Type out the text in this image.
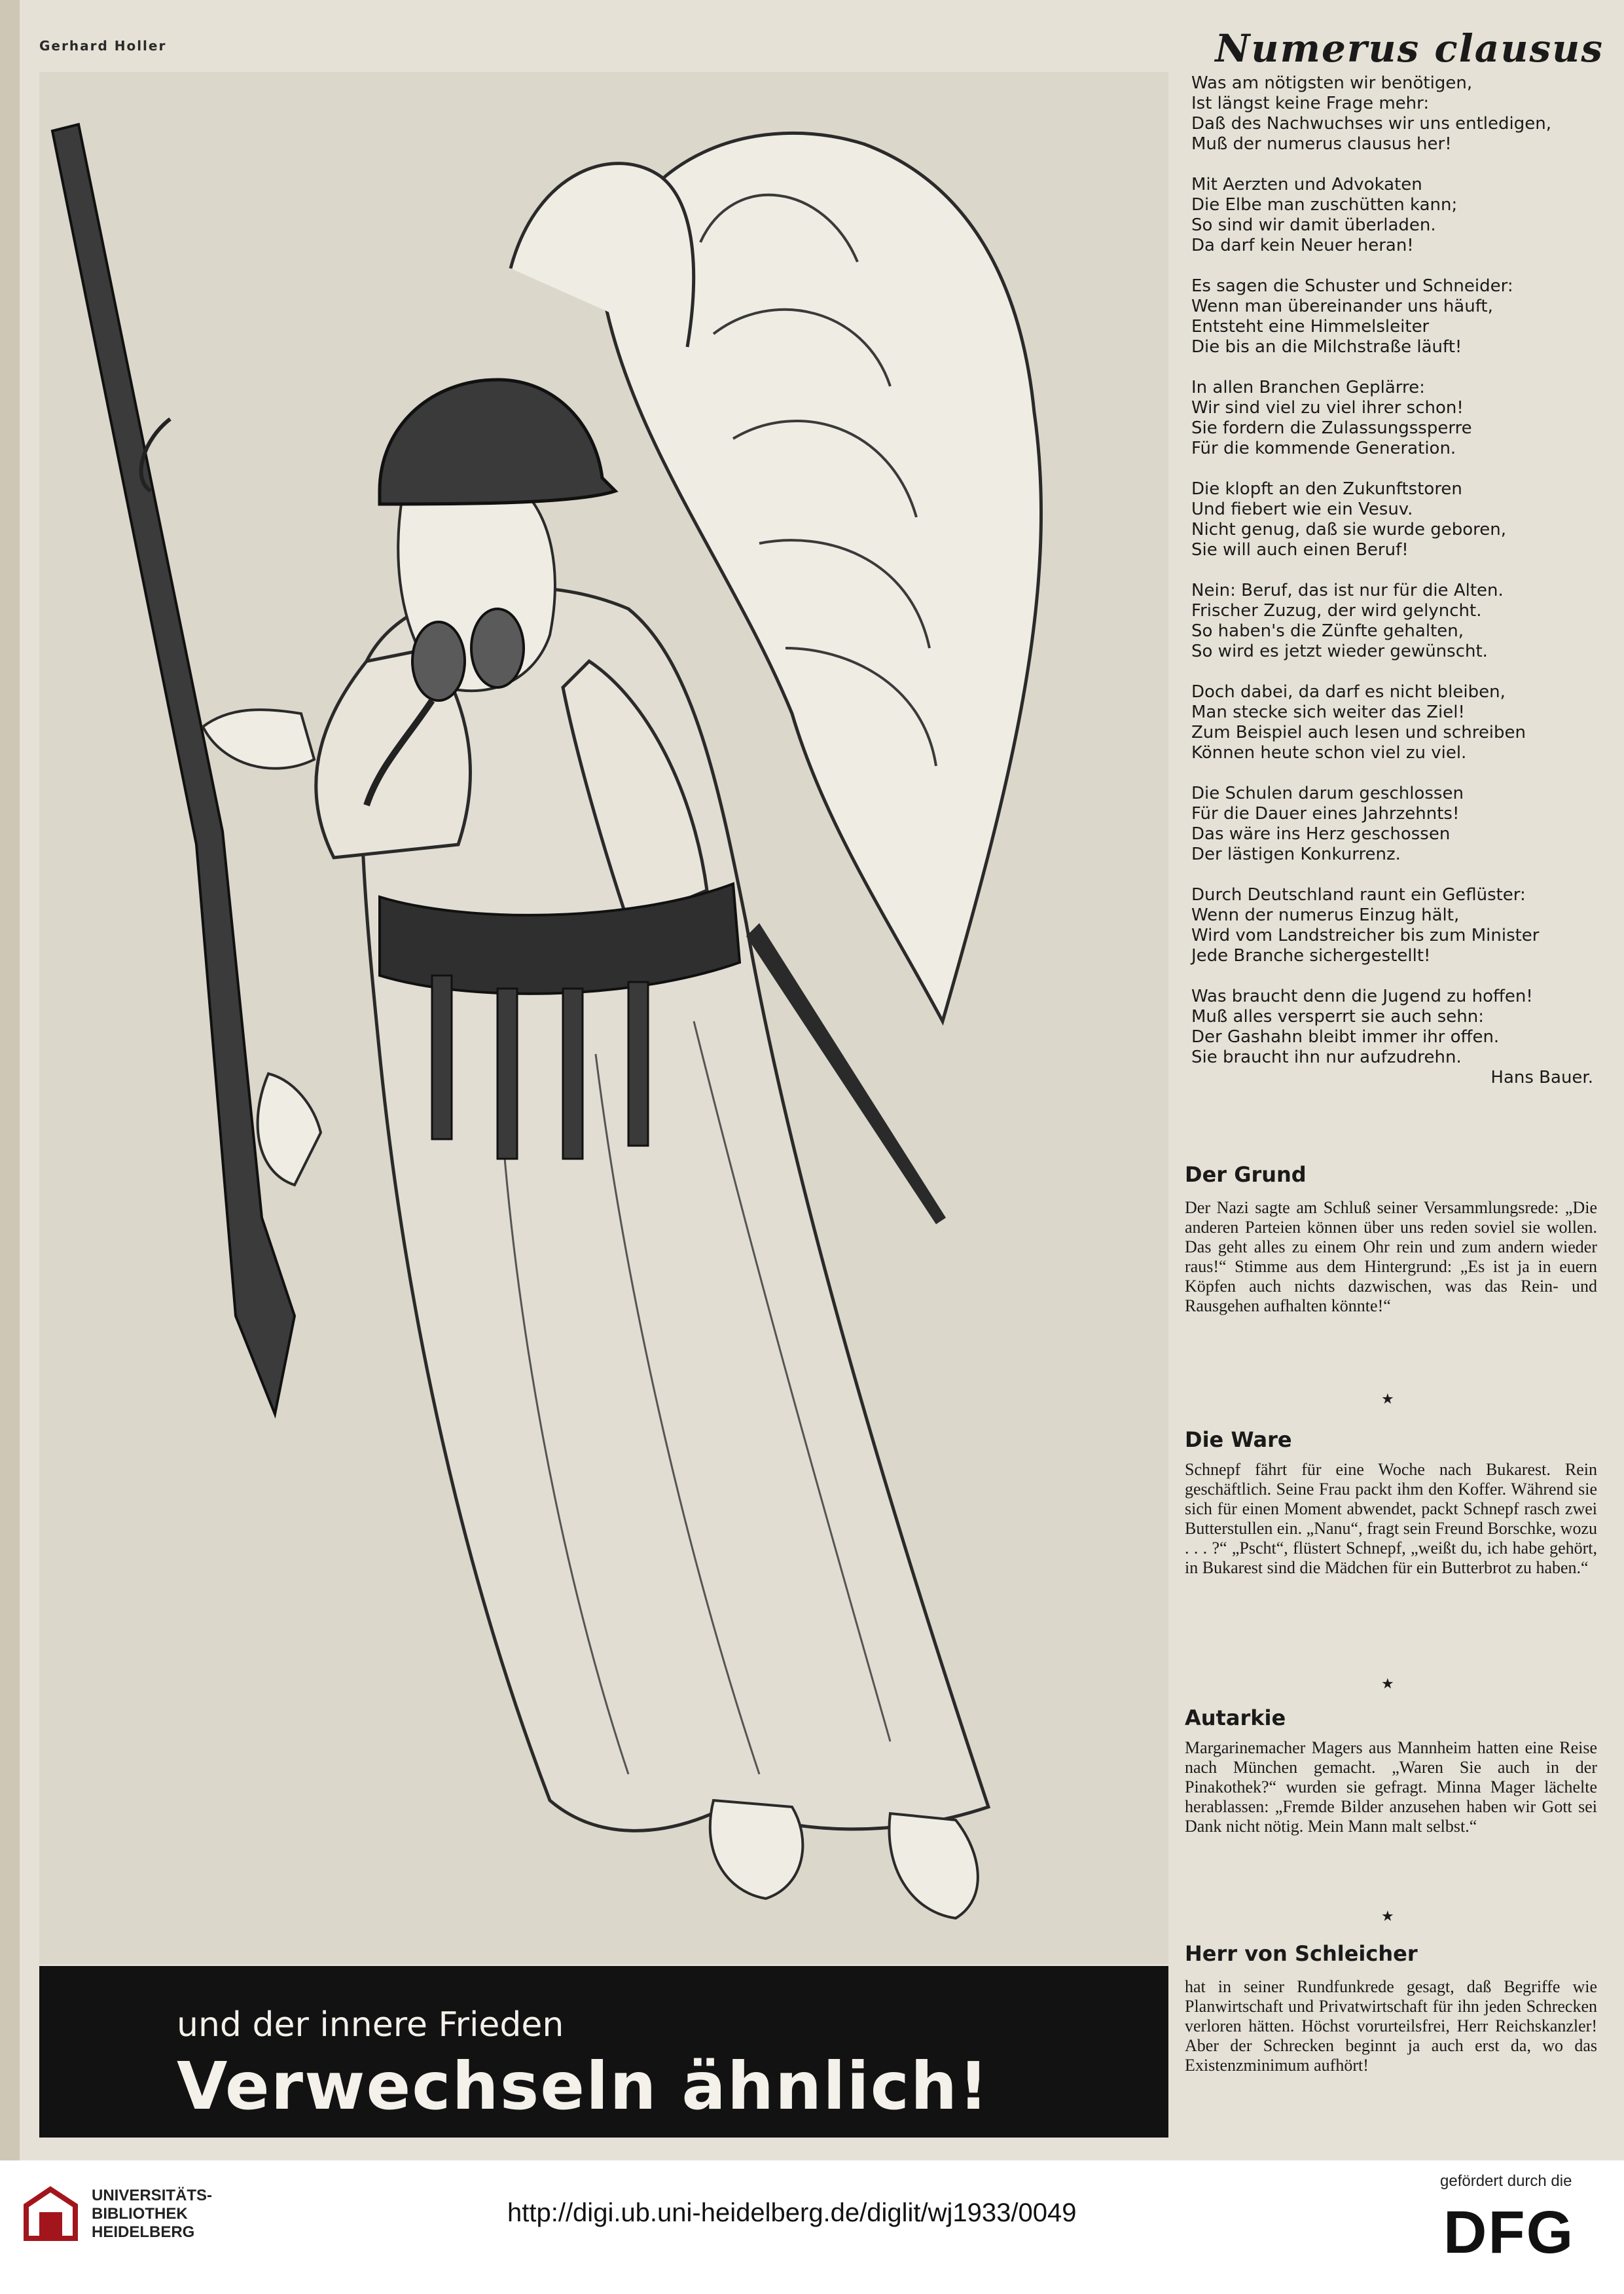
Gerhard Holler
und der innere Frieden
Verwechseln ähnlich!
Numerus clausus
Was am nötigsten wir benötigen,
Ist längst keine Frage mehr:
Daß des Nachwuchses wir uns entledigen,
Muß der numerus clausus her!
Mit Aerzten und Advokaten
Die Elbe man zuschütten kann;
So sind wir damit überladen.
Da darf kein Neuer heran!
Es sagen die Schuster und Schneider:
Wenn man übereinander uns häuft,
Entsteht eine Himmelsleiter
Die bis an die Milchstraße läuft!
In allen Branchen Geplärre:
Wir sind viel zu viel ihrer schon!
Sie fordern die Zulassungssperre
Für die kommende Generation.
Die klopft an den Zukunftstoren
Und fiebert wie ein Vesuv.
Nicht genug, daß sie wurde geboren,
Sie will auch einen Beruf!
Nein: Beruf, das ist nur für die Alten.
Frischer Zuzug, der wird gelyncht.
So haben's die Zünfte gehalten,
So wird es jetzt wieder gewünscht.
Doch dabei, da darf es nicht bleiben,
Man stecke sich weiter das Ziel!
Zum Beispiel auch lesen und schreiben
Können heute schon viel zu viel.
Die Schulen darum geschlossen
Für die Dauer eines Jahrzehnts!
Das wäre ins Herz geschossen
Der lästigen Konkurrenz.
Durch Deutschland raunt ein Geflüster:
Wenn der numerus Einzug hält,
Wird vom Landstreicher bis zum Minister
Jede Branche sichergestellt!
Was braucht denn die Jugend zu hoffen!
Muß alles versperrt sie auch sehn:
Der Gashahn bleibt immer ihr offen.
Sie braucht ihn nur aufzudrehn.
Hans Bauer.
Der Grund
Der Nazi sagte am Schluß seiner Versammlungsrede: „Die anderen Parteien können über uns reden soviel sie wollen. Das geht alles zu einem Ohr rein und zum andern wieder raus!“ Stimme aus dem Hintergrund: „Es ist ja in euern Köpfen auch nichts dazwischen, was das Rein- und Rausgehen aufhalten könnte!“
★
Die Ware
Schnepf fährt für eine Woche nach Bukarest. Rein geschäftlich. Seine Frau packt ihm den Koffer. Während sie sich für einen Moment abwendet, packt Schnepf rasch zwei Butterstullen ein. „Nanu“, fragt sein Freund Borschke, wozu . . . ?“ „Pscht“, flüstert Schnepf, „weißt du, ich habe gehört, in Bukarest sind die Mädchen für ein Butterbrot zu haben.“
★
Autarkie
Margarinemacher Magers aus Mannheim hatten eine Reise nach München gemacht. „Waren Sie auch in der Pinakothek?“ wurden sie gefragt. Minna Mager lächelte herablassen: „Fremde Bilder anzusehen haben wir Gott sei Dank nicht nötig. Mein Mann malt selbst.“
★
Herr von Schleicher
hat in seiner Rundfunkrede gesagt, daß Begriffe wie Planwirtschaft und Privatwirtschaft für ihn jeden Schrecken verloren hätten. Höchst vorurteilsfrei, Herr Reichskanzler! Aber der Schrecken beginnt ja auch erst da, wo das Existenzminimum aufhört!
UNIVERSITÄTS-
BIBLIOTHEK
HEIDELBERG
http://digi.ub.uni-heidelberg.de/diglit/wj1933/0049
gefördert durch die
DFG
